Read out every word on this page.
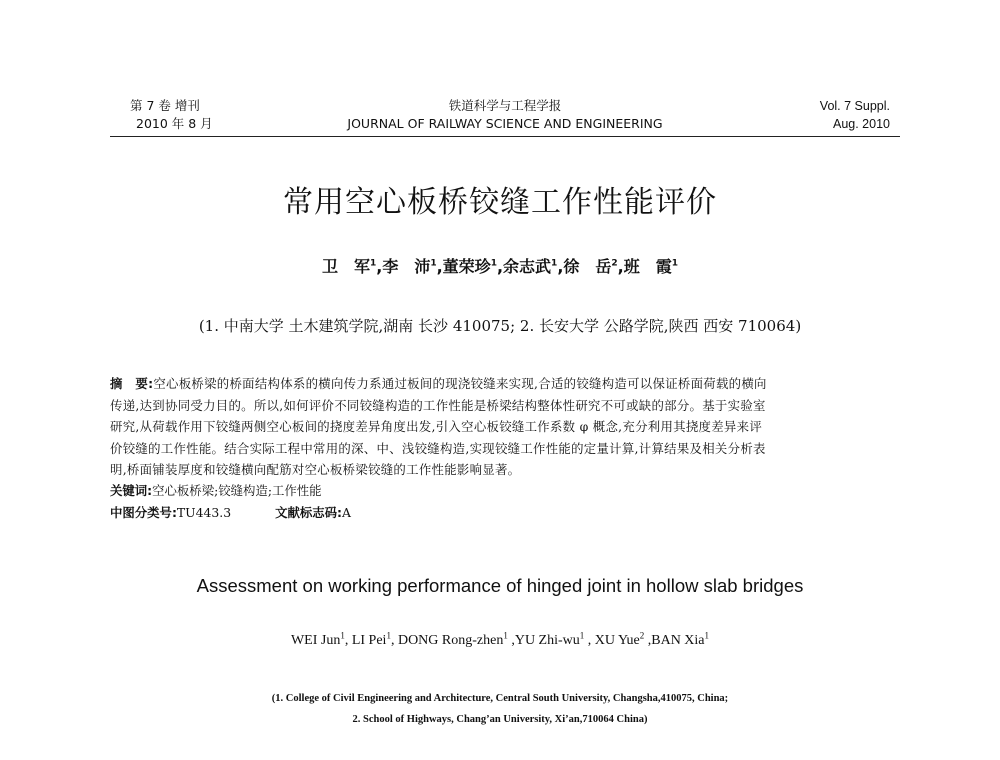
第 7 卷 增刊
2010 年 8 月
铁道科学与工程学报
JOURNAL OF RAILWAY SCIENCE AND ENGINEERING
Vol. 7 Suppl.
Aug. 2010
常用空心板桥铰缝工作性能评价
卫　军$^1$,李　沛$^1$,董荣珍$^1$,余志武$^1$,徐　岳$^2$,班　霞$^1$
(1. 中南大学 土木建筑学院,湖南 长沙 410075; 2. 长安大学 公路学院,陕西 西安 710064)
摘　要:空心板桥梁的桥面结构体系的横向传力系通过板间的现浇铰缝来实现,合适的铰缝构造可以保证桥面荷载的横向
传递,达到协同受力目的。所以,如何评价不同铰缝构造的工作性能是桥梁结构整体性研究不可或缺的部分。基于实验室
研究,从荷载作用下铰缝两侧空心板间的挠度差异角度出发,引入空心板铰缝工作系数 φ 概念,充分利用其挠度差异来评
价铰缝的工作性能。结合实际工程中常用的深、中、浅铰缝构造,实现铰缝工作性能的定量计算,计算结果及相关分析表
明,桥面铺装厚度和铰缝横向配筋对空心板桥梁铰缝的工作性能影响显著。
关键词:空心板桥梁;铰缝构造;工作性能
中图分类号:TU443.3	文献标志码:A
Assessment on working performance of hinged joint in hollow slab bridges
WEI Jun$^1$, LI Pei$^1$, DONG Rong-zhen$^1$ ,YU Zhi-$wu^1$ , XU Yue$^2$ ,BAN Xia$^1$
(1. College of Civil Engineering and Architecture, Central South University, Changsha,410075, China;
2. School of Highways, Chang’an University, Xi’an,710064 China)
